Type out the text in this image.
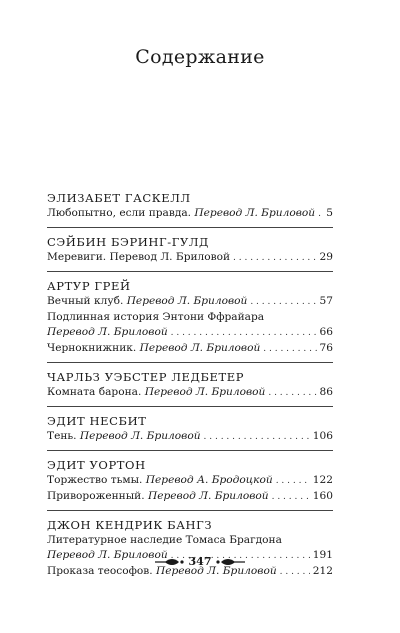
Содержание
ЭЛИЗАБЕТ ГАСКЕЛЛ
Любопытно, если правда. Перевод Л. Бриловой . . . 5
СЭЙБИН БЭРИНГ-ГУЛД
Меревиги. Перевод Л. Бриловой . . .	29
АРТУР ГРЕЙ
Вечный клуб. Перевод Л. Бриловой . . .	57
Подлинная история Энтони Ффрайара
Перевод Л. Бриловой . . .	66
Чернокнижник. Перевод Л. Бриловой . . .	76
ЧАРЛЬЗ УЭБСТЕР ЛЕДБЕТЕР
Комната барона. Перевод Л. Бриловой . . .	86
ЭДИТ НЕСБИТ
Тень. Перевод Л. Бриловой . . .	106
ЭДИТ УОРТОН
Торжество тьмы. Перевод А. Бродоцкой . . .	122
Привороженный. Перевод Л. Бриловой . . .	160
ДЖОН КЕНДРИК БАНГЗ
Литературное наследие Томаса Брагдона
Перевод Л. Бриловой . . .	191
Проказа теософов. Перевод Л. Бриловой . . .	212
347
